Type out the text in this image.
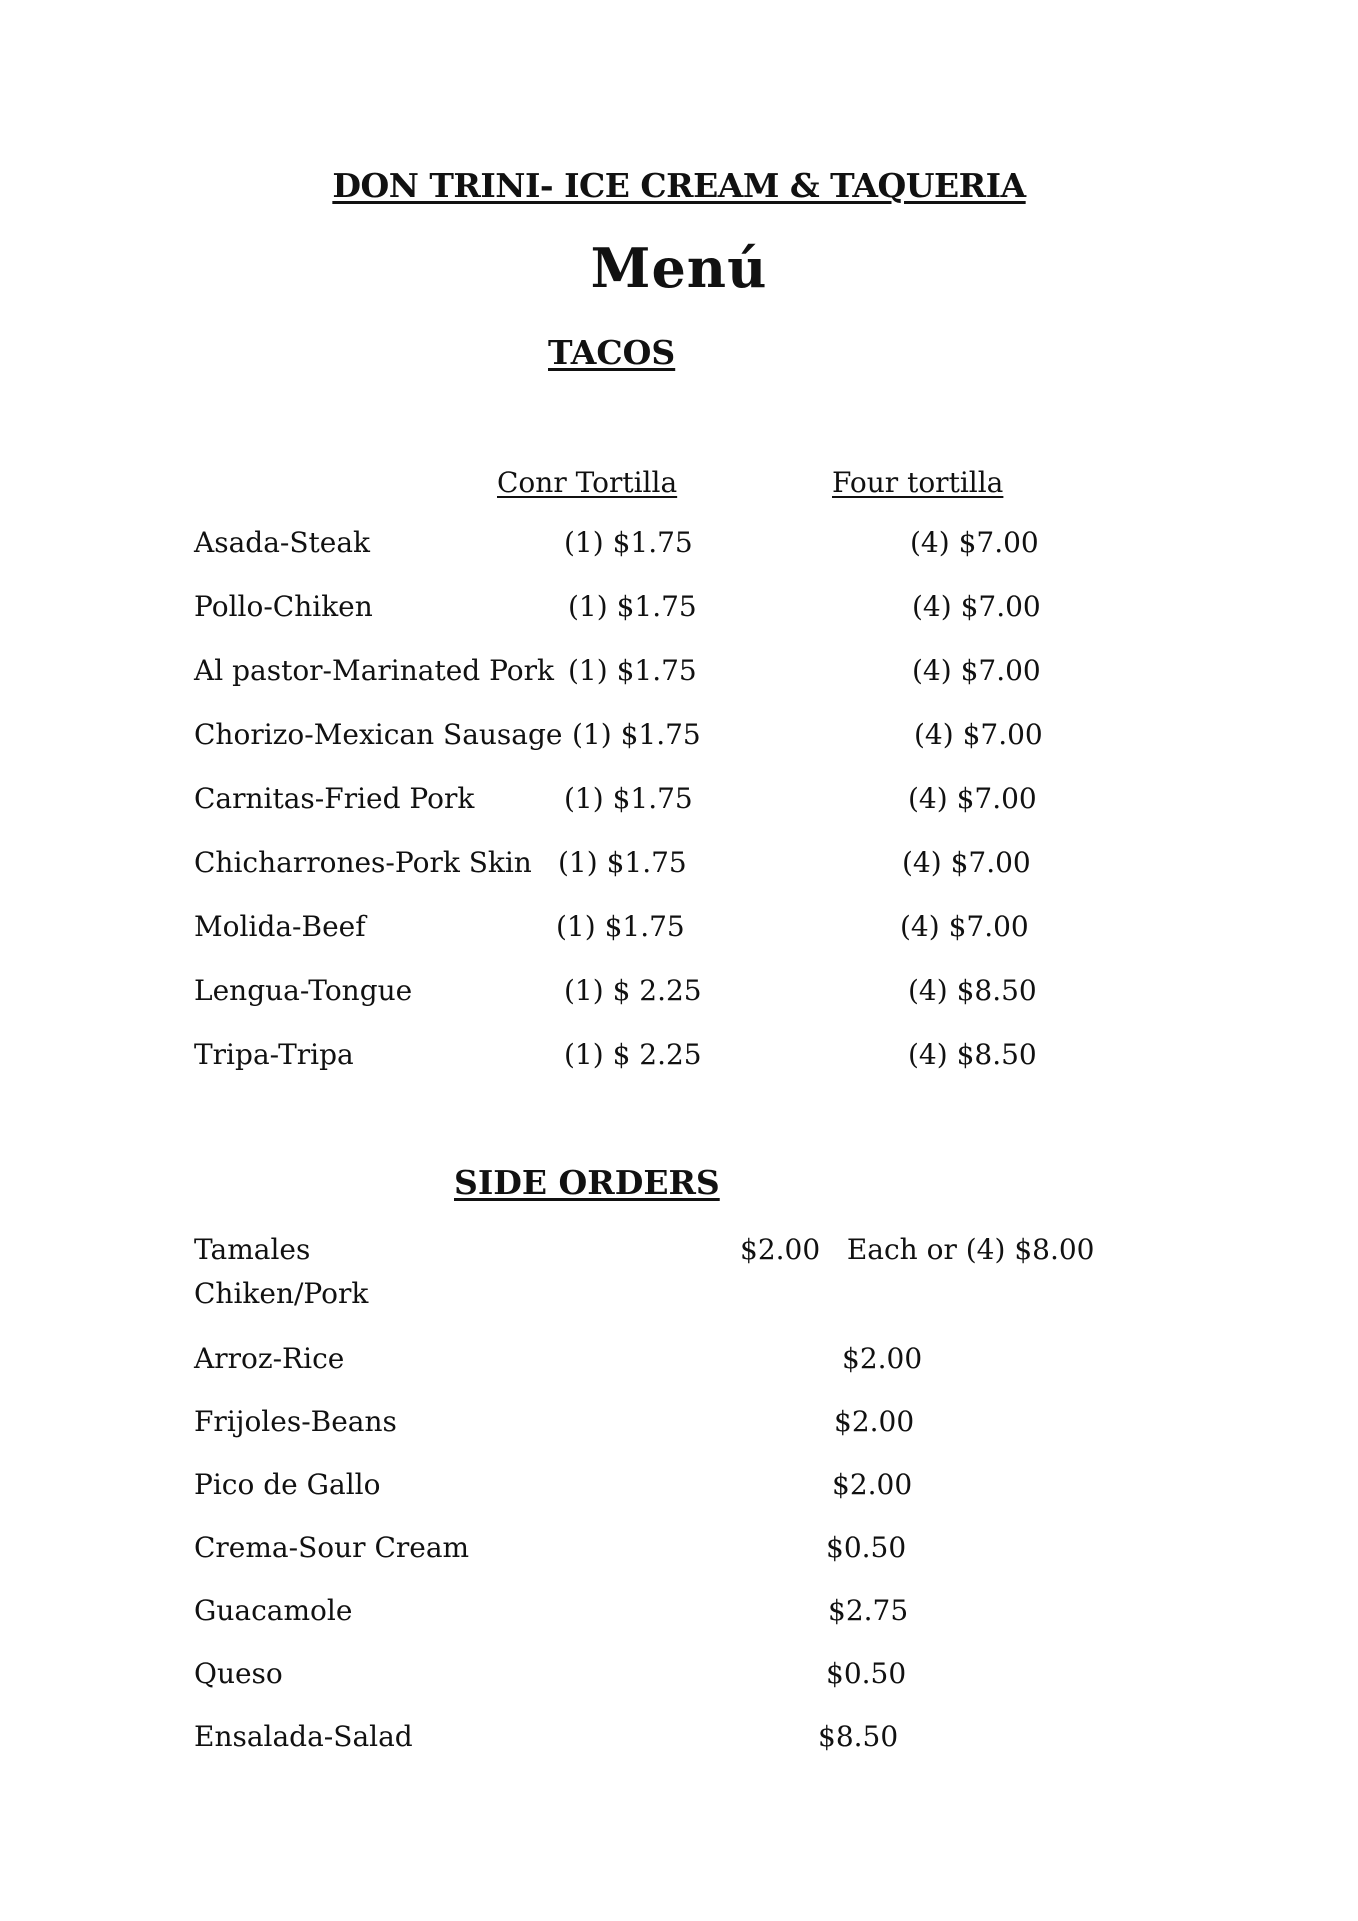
DON TRINI- ICE CREAM & TAQUERIA
Menú
TACOS
Conr Tortilla	Four tortilla
Asada-Steak	(1) $1.75	(4) $7.00
Pollo-Chiken	(1) $1.75	(4) $7.00
Al pastor-Marinated Pork (1) $1.75	(4) $7.00
Chorizo-Mexican Sausage (1) $1.75	(4) $7.00
Carnitas-Fried Pork	(1) $1.75	(4) $7.00
Chicharrones-Pork Skin (1) $1.75	(4) $7.00
Molida-Beef	(1) $1.75	(4) $7.00
Lengua-Tongue	(1) $ 2.25	(4) $8.50
Tripa-Tripa	(1) $ 2.25	(4) $8.50
SIDE ORDERS
Tamales
Chiken/Pork
$2.00   Each or (4) $8.00
Arroz-Rice	$2.00
Frijoles-Beans	$2.00
Pico de Gallo	$2.00
Crema-Sour Cream	$0.50
Guacamole	$2.75
Queso	$0.50
Ensalada-Salad	$8.50
